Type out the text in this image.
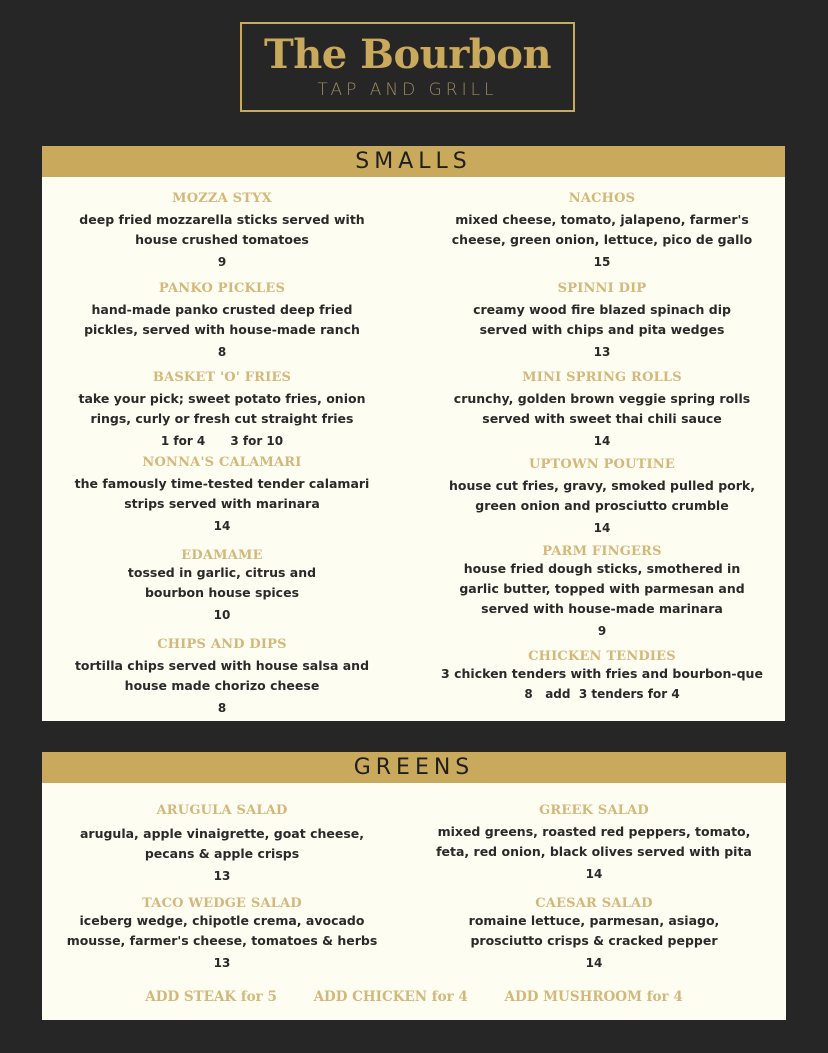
The Bourbon
TAP AND GRILL
SMALLS
MOZZA STYX
deep fried mozzarella sticks served with
house crushed tomatoes
9
PANKO PICKLES
hand-made panko crusted deep fried
pickles, served with house-made ranch
8
BASKET 'O' FRIES
take your pick; sweet potato fries, onion
rings, curly or fresh cut straight fries
1 for 4      3 for 10
NONNA'S CALAMARI
the famously time-tested tender calamari
strips served with marinara
14
EDAMAME
tossed in garlic, citrus and
bourbon house spices
10
CHIPS AND DIPS
tortilla chips served with house salsa and
house made chorizo cheese
8
NACHOS
mixed cheese, tomato, jalapeno, farmer's
cheese, green onion, lettuce, pico de gallo
15
SPINNI DIP
creamy wood fire blazed spinach dip
served with chips and pita wedges
13
MINI SPRING ROLLS
crunchy, golden brown veggie spring rolls
served with sweet thai chili sauce
14
UPTOWN POUTINE
house cut fries, gravy, smoked pulled pork,
green onion and prosciutto crumble
14
PARM FINGERS
house fried dough sticks, smothered in
garlic butter, topped with parmesan and
served with house-made marinara
9
CHICKEN TENDIES
3 chicken tenders with fries and bourbon-que
8   add  3 tenders for 4
GREENS
ARUGULA SALAD
arugula, apple vinaigrette, goat cheese,
pecans & apple crisps
13
TACO WEDGE SALAD
iceberg wedge, chipotle crema, avocado
mousse, farmer's cheese, tomatoes & herbs
13
GREEK SALAD
mixed greens, roasted red peppers, tomato,
feta, red onion, black olives served with pita
14
CAESAR SALAD
romaine lettuce, parmesan, asiago,
prosciutto crisps & cracked pepper
14
ADD STEAK for 5	ADD CHICKEN for 4	ADD MUSHROOM for 4
